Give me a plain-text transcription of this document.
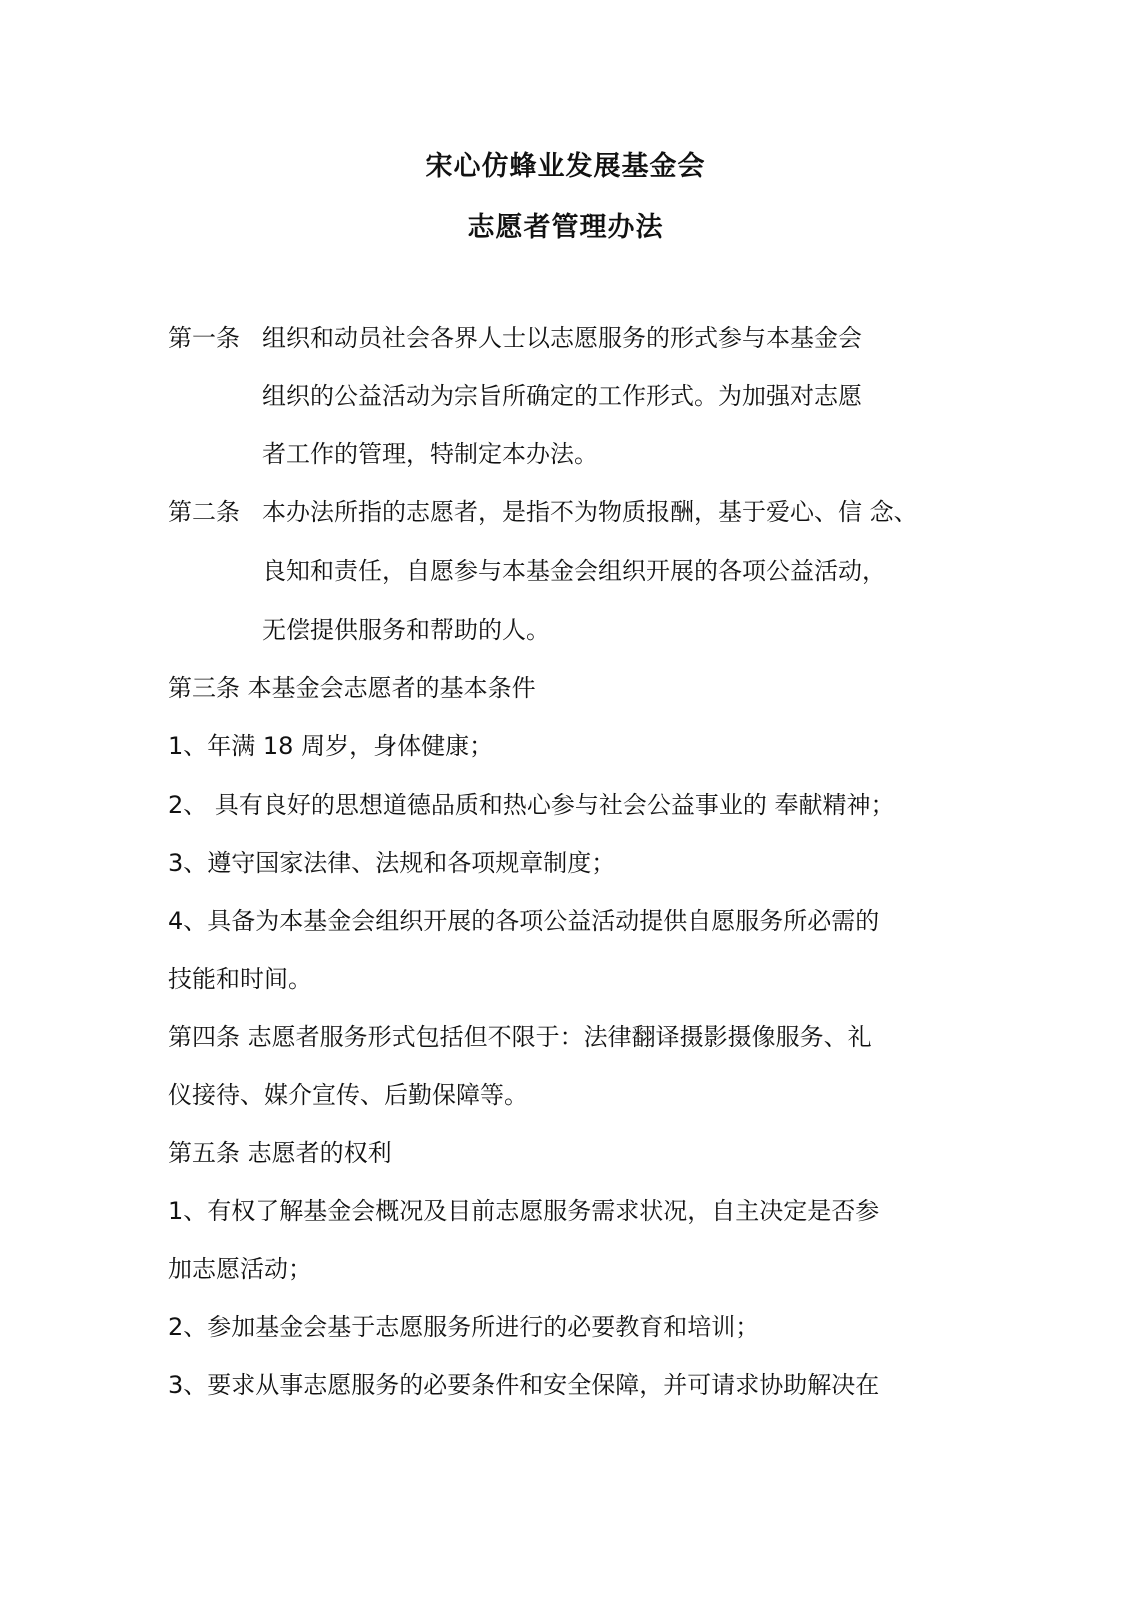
宋心仿蜂业发展基金会
志愿者管理办法
第一条 组织和动员社会各界人士以志愿服务的形式参与本基金会
组织的公益活动为宗旨所确定的工作形式。为加强对志愿
者工作的管理，特制定本办法。
第二条 本办法所指的志愿者，是指不为物质报酬，基于爱心、信 念、
良知和责任，自愿参与本基金会组织开展的各项公益活动，
无偿提供服务和帮助的人。
第三条 本基金会志愿者的基本条件
1、年满 18 周岁，身体健康；
2、 具有良好的思想道德品质和热心参与社会公益事业的 奉献精神；
3、遵守国家法律、法规和各项规章制度；
4、具备为本基金会组织开展的各项公益活动提供自愿服务所必需的
技能和时间。
第四条 志愿者服务形式包括但不限于：法律翻译摄影摄像服务、礼
仪接待、媒介宣传、后勤保障等。
第五条 志愿者的权利
1、有权了解基金会概况及目前志愿服务需求状况，自主决定是否参
加志愿活动；
2、参加基金会基于志愿服务所进行的必要教育和培训；
3、要求从事志愿服务的必要条件和安全保障，并可请求协助解决在
